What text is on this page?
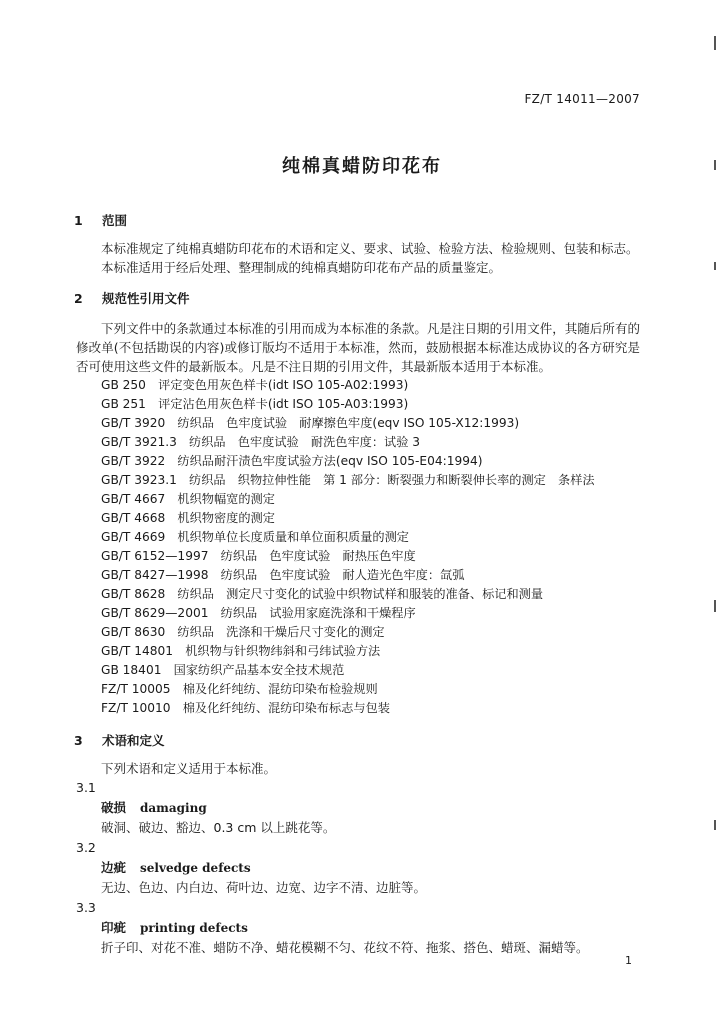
FZ/T 14011—2007
纯棉真蜡防印花布
1 范围
本标准规定了纯棉真蜡防印花布的术语和定义、要求、试验、检验方法、检验规则、包装和标志。
本标准适用于经后处理、整理制成的纯棉真蜡防印花布产品的质量鉴定。
2 规范性引用文件
下列文件中的条款通过本标准的引用而成为本标准的条款。凡是注日期的引用文件，其随后所有的修改单(不包括勘误的内容)或修订版均不适用于本标准，然而，鼓励根据本标准达成协议的各方研究是否可使用这些文件的最新版本。凡是不注日期的引用文件，其最新版本适用于本标准。
GB 250　评定变色用灰色样卡(idt ISO 105-A02:1993)
GB 251　评定沾色用灰色样卡(idt ISO 105-A03:1993)
GB/T 3920　纺织品　色牢度试验　耐摩擦色牢度(eqv ISO 105-X12:1993)
GB/T 3921.3　纺织品　色牢度试验　耐洗色牢度：试验 3
GB/T 3922　纺织品耐汗渍色牢度试验方法(eqv ISO 105-E04:1994)
GB/T 3923.1　纺织品　织物拉伸性能　第 1 部分：断裂强力和断裂伸长率的测定　条样法
GB/T 4667　机织物幅宽的测定
GB/T 4668　机织物密度的测定
GB/T 4669　机织物单位长度质量和单位面积质量的测定
GB/T 6152—1997　纺织品　色牢度试验　耐热压色牢度
GB/T 8427—1998　纺织品　色牢度试验　耐人造光色牢度：氙弧
GB/T 8628　纺织品　测定尺寸变化的试验中织物试样和服装的准备、标记和测量
GB/T 8629—2001　纺织品　试验用家庭洗涤和干燥程序
GB/T 8630　纺织品　洗涤和干燥后尺寸变化的测定
GB/T 14801　机织物与针织物纬斜和弓纬试验方法
GB 18401　国家纺织产品基本安全技术规范
FZ/T 10005　棉及化纤纯纺、混纺印染布检验规则
FZ/T 10010　棉及化纤纯纺、混纺印染布标志与包装
3 术语和定义
下列术语和定义适用于本标准。
3.1
破损 damaging
破洞、破边、豁边、0.3 cm 以上跳花等。
3.2
边疵 selvedge defects
无边、色边、内白边、荷叶边、边宽、边字不清、边脏等。
3.3
印疵 printing defects
折子印、对花不准、蜡防不净、蜡花模糊不匀、花纹不符、拖浆、搭色、蜡斑、漏蜡等。
1
